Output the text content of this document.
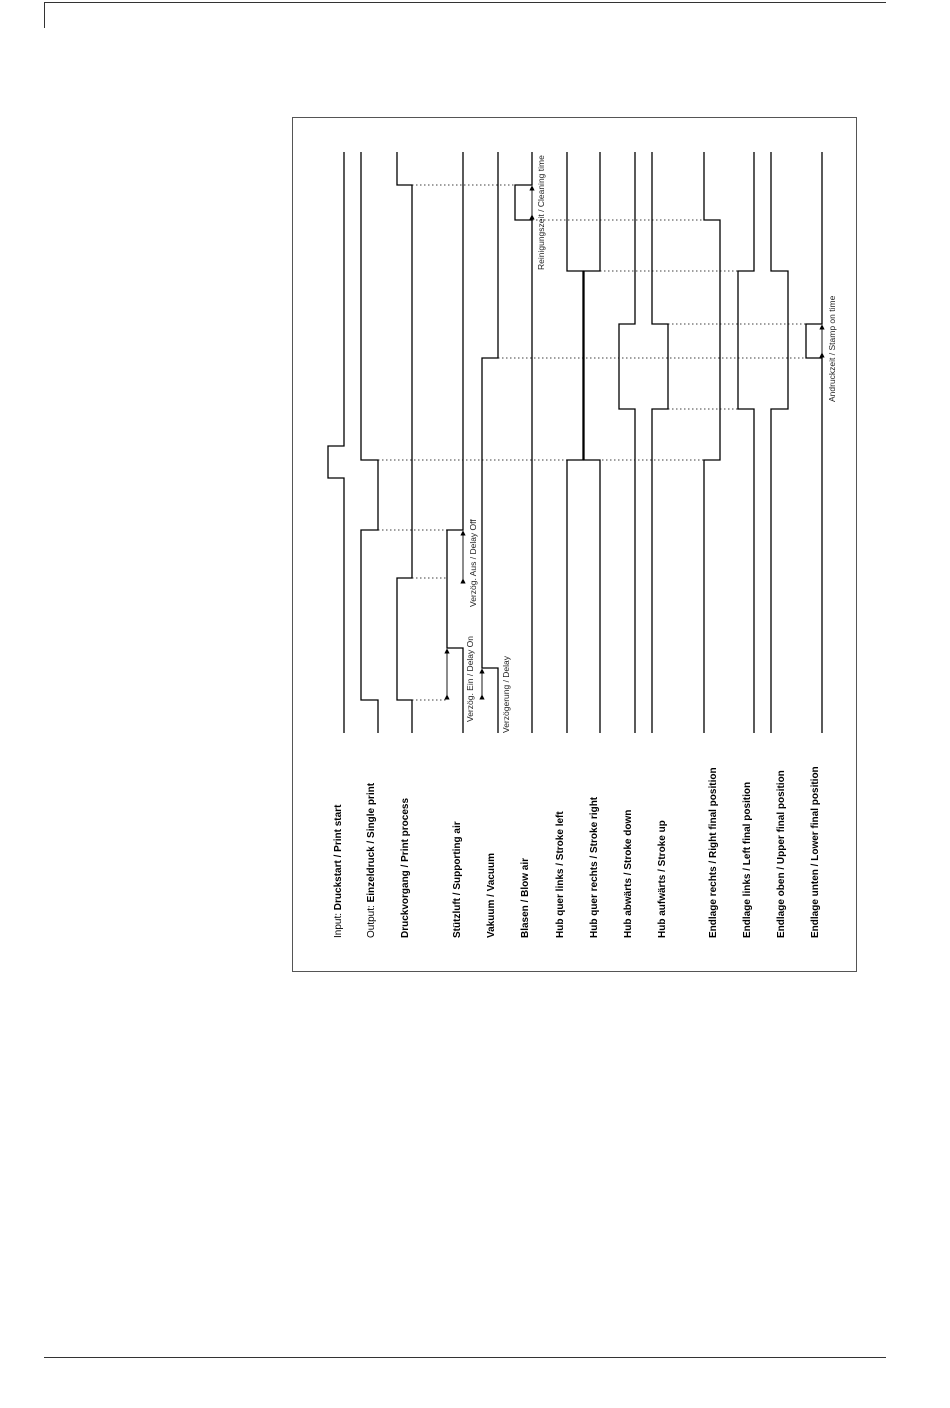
Input: Druckstart / Print start
Output: Einzeldruck / Single print Druckvorgang / Print process	Stützluft / Supporting air Vakuum / Vacuum Blasen / Blow air Hub quer links / Stroke left Hub quer rechts / Stroke right Hub abwärts / Stroke down Hub aufwärts / Stroke up	Endlage rechts / Right final position Endlage links / Left final position Endlage oben / Upper final position Endlage unten / Lower final position
Verzög. Ein / Delay On
Verzög. Aus / Delay Off
Verzögerung / Delay
Reinigungszeit / Cleaning time
Andruckzeit / Stamp on time
